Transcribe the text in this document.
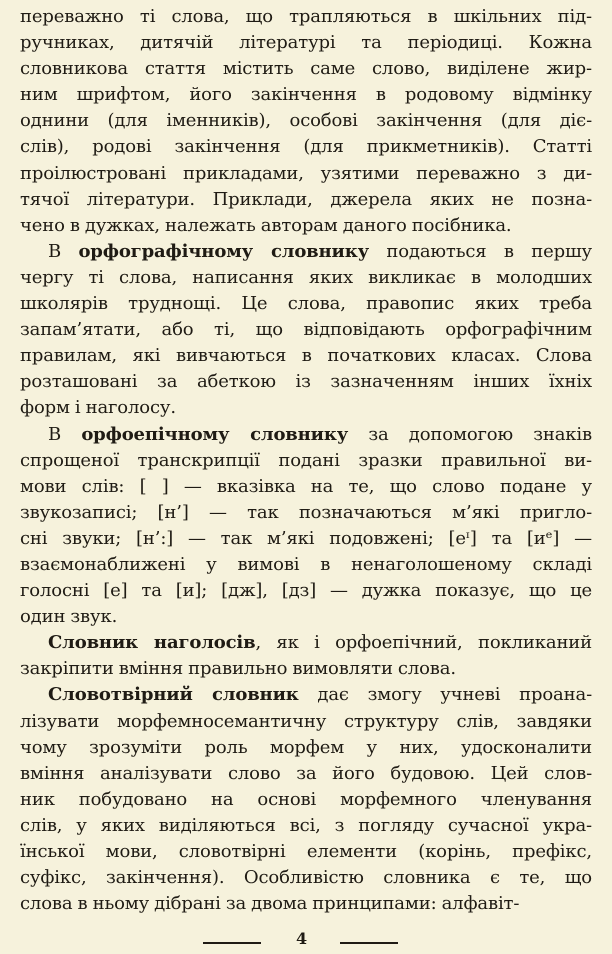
переважно ті слова, що трапляються в шкільних під-
ручниках, дитячій літературі та періодиці. Кожна
словникова стаття містить саме слово, виділене жир-
ним шрифтом, його закінчення в родовому відмінку
однини (для іменників), особові закінчення (для діє-
слів), родові закінчення (для прикметників). Статті
проілюстровані прикладами, узятими переважно з ди-
тячої літератури. Приклади, джерела яких не позна-
чено в дужках, належать авторам даного посібника.
В орфографічному словнику подаються в першу
чергу ті слова, написання яких викликає в молодших
школярів труднощі. Це слова, правопис яких треба
запам’ятати, або ті, що відповідають орфографічним
правилам, які вивчаються в початкових класах. Слова
розташовані за абеткою із зазначенням інших їхніх
форм і наголосу.
В орфоепічному словнику за допомогою знаків
спрощеної транскрипції подані зразки правильної ви-
мови слів: [ ] — вказівка на те, що слово подане у
звукозаписі; [н’] — так позначаються м’які пригло-
сні звуки; [н’:] — так м’які подовжені; [еᶦ] та [иᵉ] —
взаємонаближені у вимові в ненаголошеному складі
голосні [е] та [и]; [дж], [дз] — дужка показує, що це
один звук.
Словник наголосів, як і орфоепічний, покликаний
закріпити вміння правильно вимовляти слова.
Словотвірний словник дає змогу учневі проана-
лізувати морфемносемантичну структуру слів, завдяки
чому зрозуміти роль морфем у них, удосконалити
вміння аналізувати слово за його будовою. Цей слов-
ник побудовано на основі морфемного членування
слів, у яких виділяються всі, з погляду сучасної укра-
їнської мови, словотвірні елементи (корінь, префікс,
суфікс, закінчення). Особливістю словника є те, що
слова в ньому дібрані за двома принципами: алфавіт-
4
